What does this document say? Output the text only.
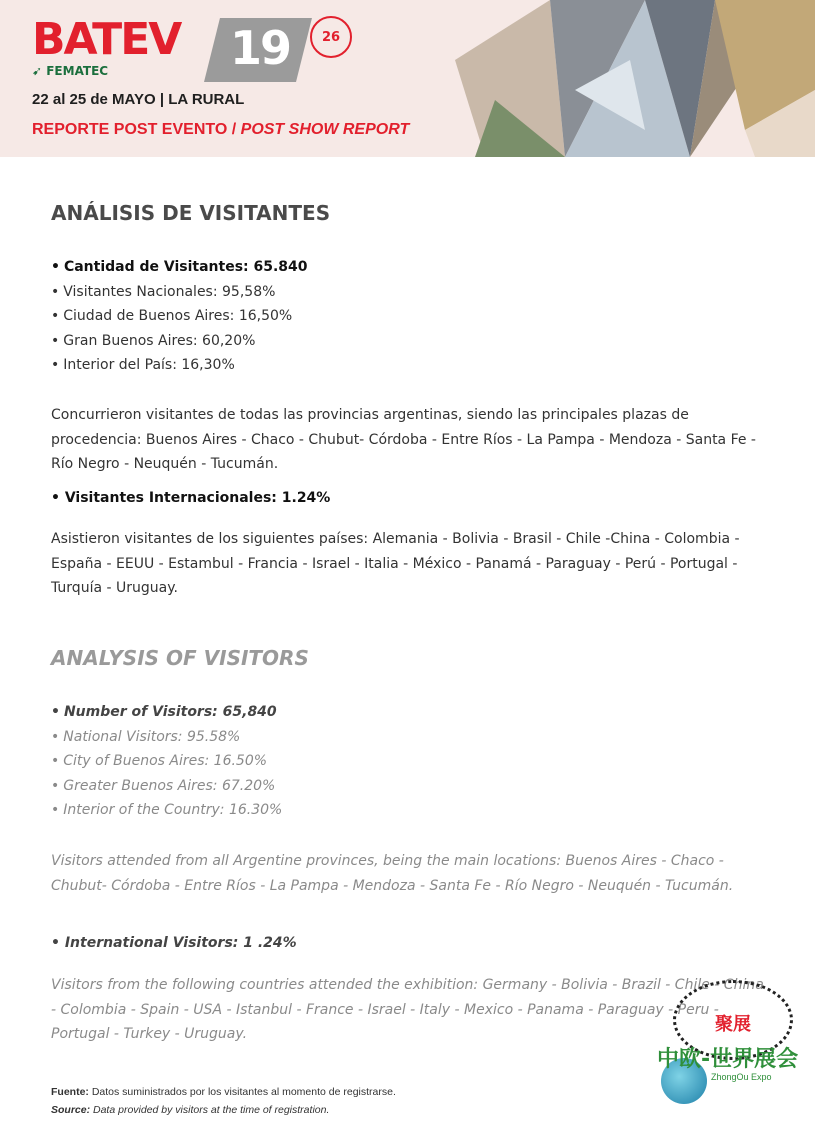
BATEV 19
➹ FEMATEC
26
22 al 25 de MAYO | LA RURAL
REPORTE POST EVENTO / POST SHOW REPORT
ANÁLISIS DE VISITANTES
• Cantidad de Visitantes: 65.840
• Visitantes Nacionales: 95,58%
• Ciudad de Buenos Aires: 16,50%
• Gran Buenos Aires: 60,20%
• Interior del País: 16,30%

Concurrieron visitantes de todas las provincias argentinas, siendo las principales plazas de procedencia: Buenos Aires - Chaco - Chubut- Córdoba - Entre Ríos - La Pampa - Mendoza - Santa Fe - Río Negro - Neuquén - Tucumán.

• Visitantes Internacionales: 1.24%

Asistieron visitantes de los siguientes países: Alemania - Bolivia - Brasil - Chile -China - Colombia - España - EEUU - Estambul - Francia - Israel - Italia - México - Panamá - Paraguay - Perú - Portugal - Turquía - Uruguay.

ANALYSIS OF VISITORS
• Number of Visitors: 65,840
• National Visitors: 95.58%
• City of Buenos Aires: 16.50%
• Greater Buenos Aires: 67.20%
• Interior of the Country: 16.30%

Visitors attended from all Argentine provinces, being the main locations: Buenos Aires - Chaco - Chubut- Córdoba - Entre Ríos - La Pampa - Mendoza - Santa Fe - Río Negro - Neuquén - Tucumán.

• International Visitors: 1 .24%

Visitors from the following countries attended the exhibition: Germany - Bolivia - Brazil - Chile - China - Colombia - Spain - USA - Istanbul - France - Israel - Italy - Mexico - Panama - Paraguay - Peru - Portugal - Turkey - Uruguay.

Fuente: Datos suministrados por los visitantes al momento de registrarse.
Source: Data provided by visitors at the time of registration.
聚展
中欧-世界展会
ZhongOu Expo
